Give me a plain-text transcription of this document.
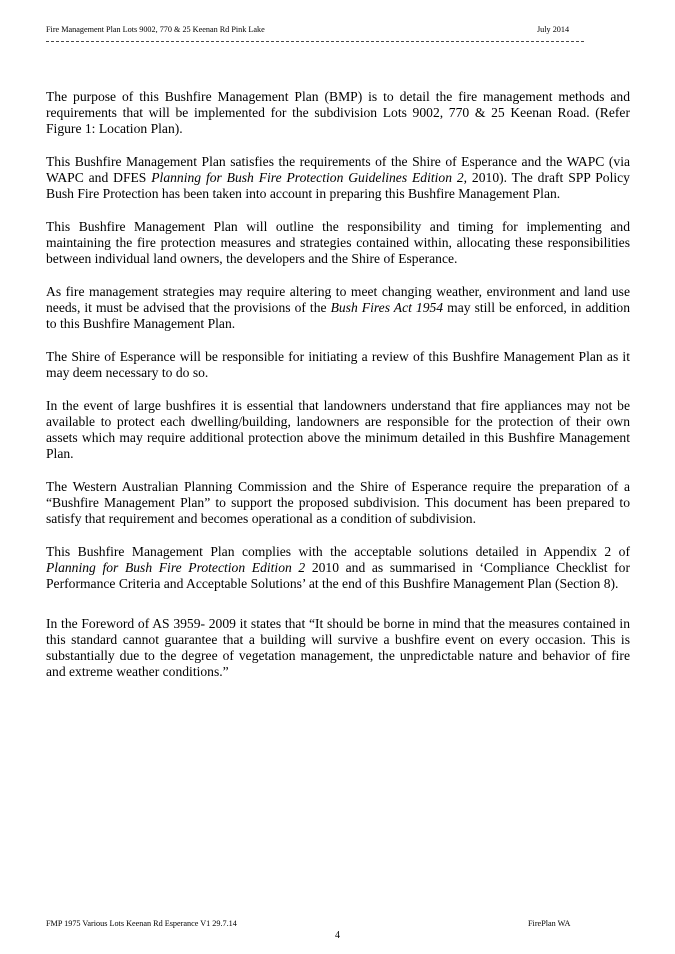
Fire Management Plan Lots 9002, 770 & 25 Keenan Rd Pink Lake	July 2014

The purpose of this Bushfire Management Plan (BMP) is to detail the fire management methods and requirements that will be implemented for the subdivision Lots 9002, 770 & 25 Keenan Road. (Refer Figure 1: Location Plan).

This Bushfire Management Plan satisfies the requirements of the Shire of Esperance and the WAPC (via WAPC and DFES Planning for Bush Fire Protection Guidelines Edition 2, 2010). The draft SPP Policy Bush Fire Protection has been taken into account in preparing this Bushfire Management Plan.

This Bushfire Management Plan will outline the responsibility and timing for implementing and maintaining the fire protection measures and strategies contained within, allocating these responsibilities between individual land owners, the developers and the Shire of Esperance.

As fire management strategies may require altering to meet changing weather, environment and land use needs, it must be advised that the provisions of the Bush Fires Act 1954 may still be enforced, in addition to this Bushfire Management Plan.

The Shire of Esperance will be responsible for initiating a review of this Bushfire Management Plan as it may deem necessary to do so.

In the event of large bushfires it is essential that landowners understand that fire appliances may not be available to protect each dwelling/building, landowners are responsible for the protection of their own assets which may require additional protection above the minimum detailed in this Bushfire Management Plan.

The Western Australian Planning Commission and the Shire of Esperance require the preparation of a “Bushfire Management Plan” to support the proposed subdivision. This document has been prepared to satisfy that requirement and becomes operational as a condition of subdivision.

This Bushfire Management Plan complies with the acceptable solutions detailed in Appendix 2 of Planning for Bush Fire Protection Edition 2 2010 and as summarised in ‘Compliance Checklist for Performance Criteria and Acceptable Solutions’ at the end of this Bushfire Management Plan (Section 8).

In the Foreword of AS 3959- 2009 it states that “It should be borne in mind that the measures contained in this standard cannot guarantee that a building will survive a bushfire event on every occasion. This is substantially due to the degree of vegetation management, the unpredictable nature and behavior of fire and extreme weather conditions.”

FMP 1975 Various Lots Keenan Rd Esperance V1 29.7.14	FirePlan WA
4
